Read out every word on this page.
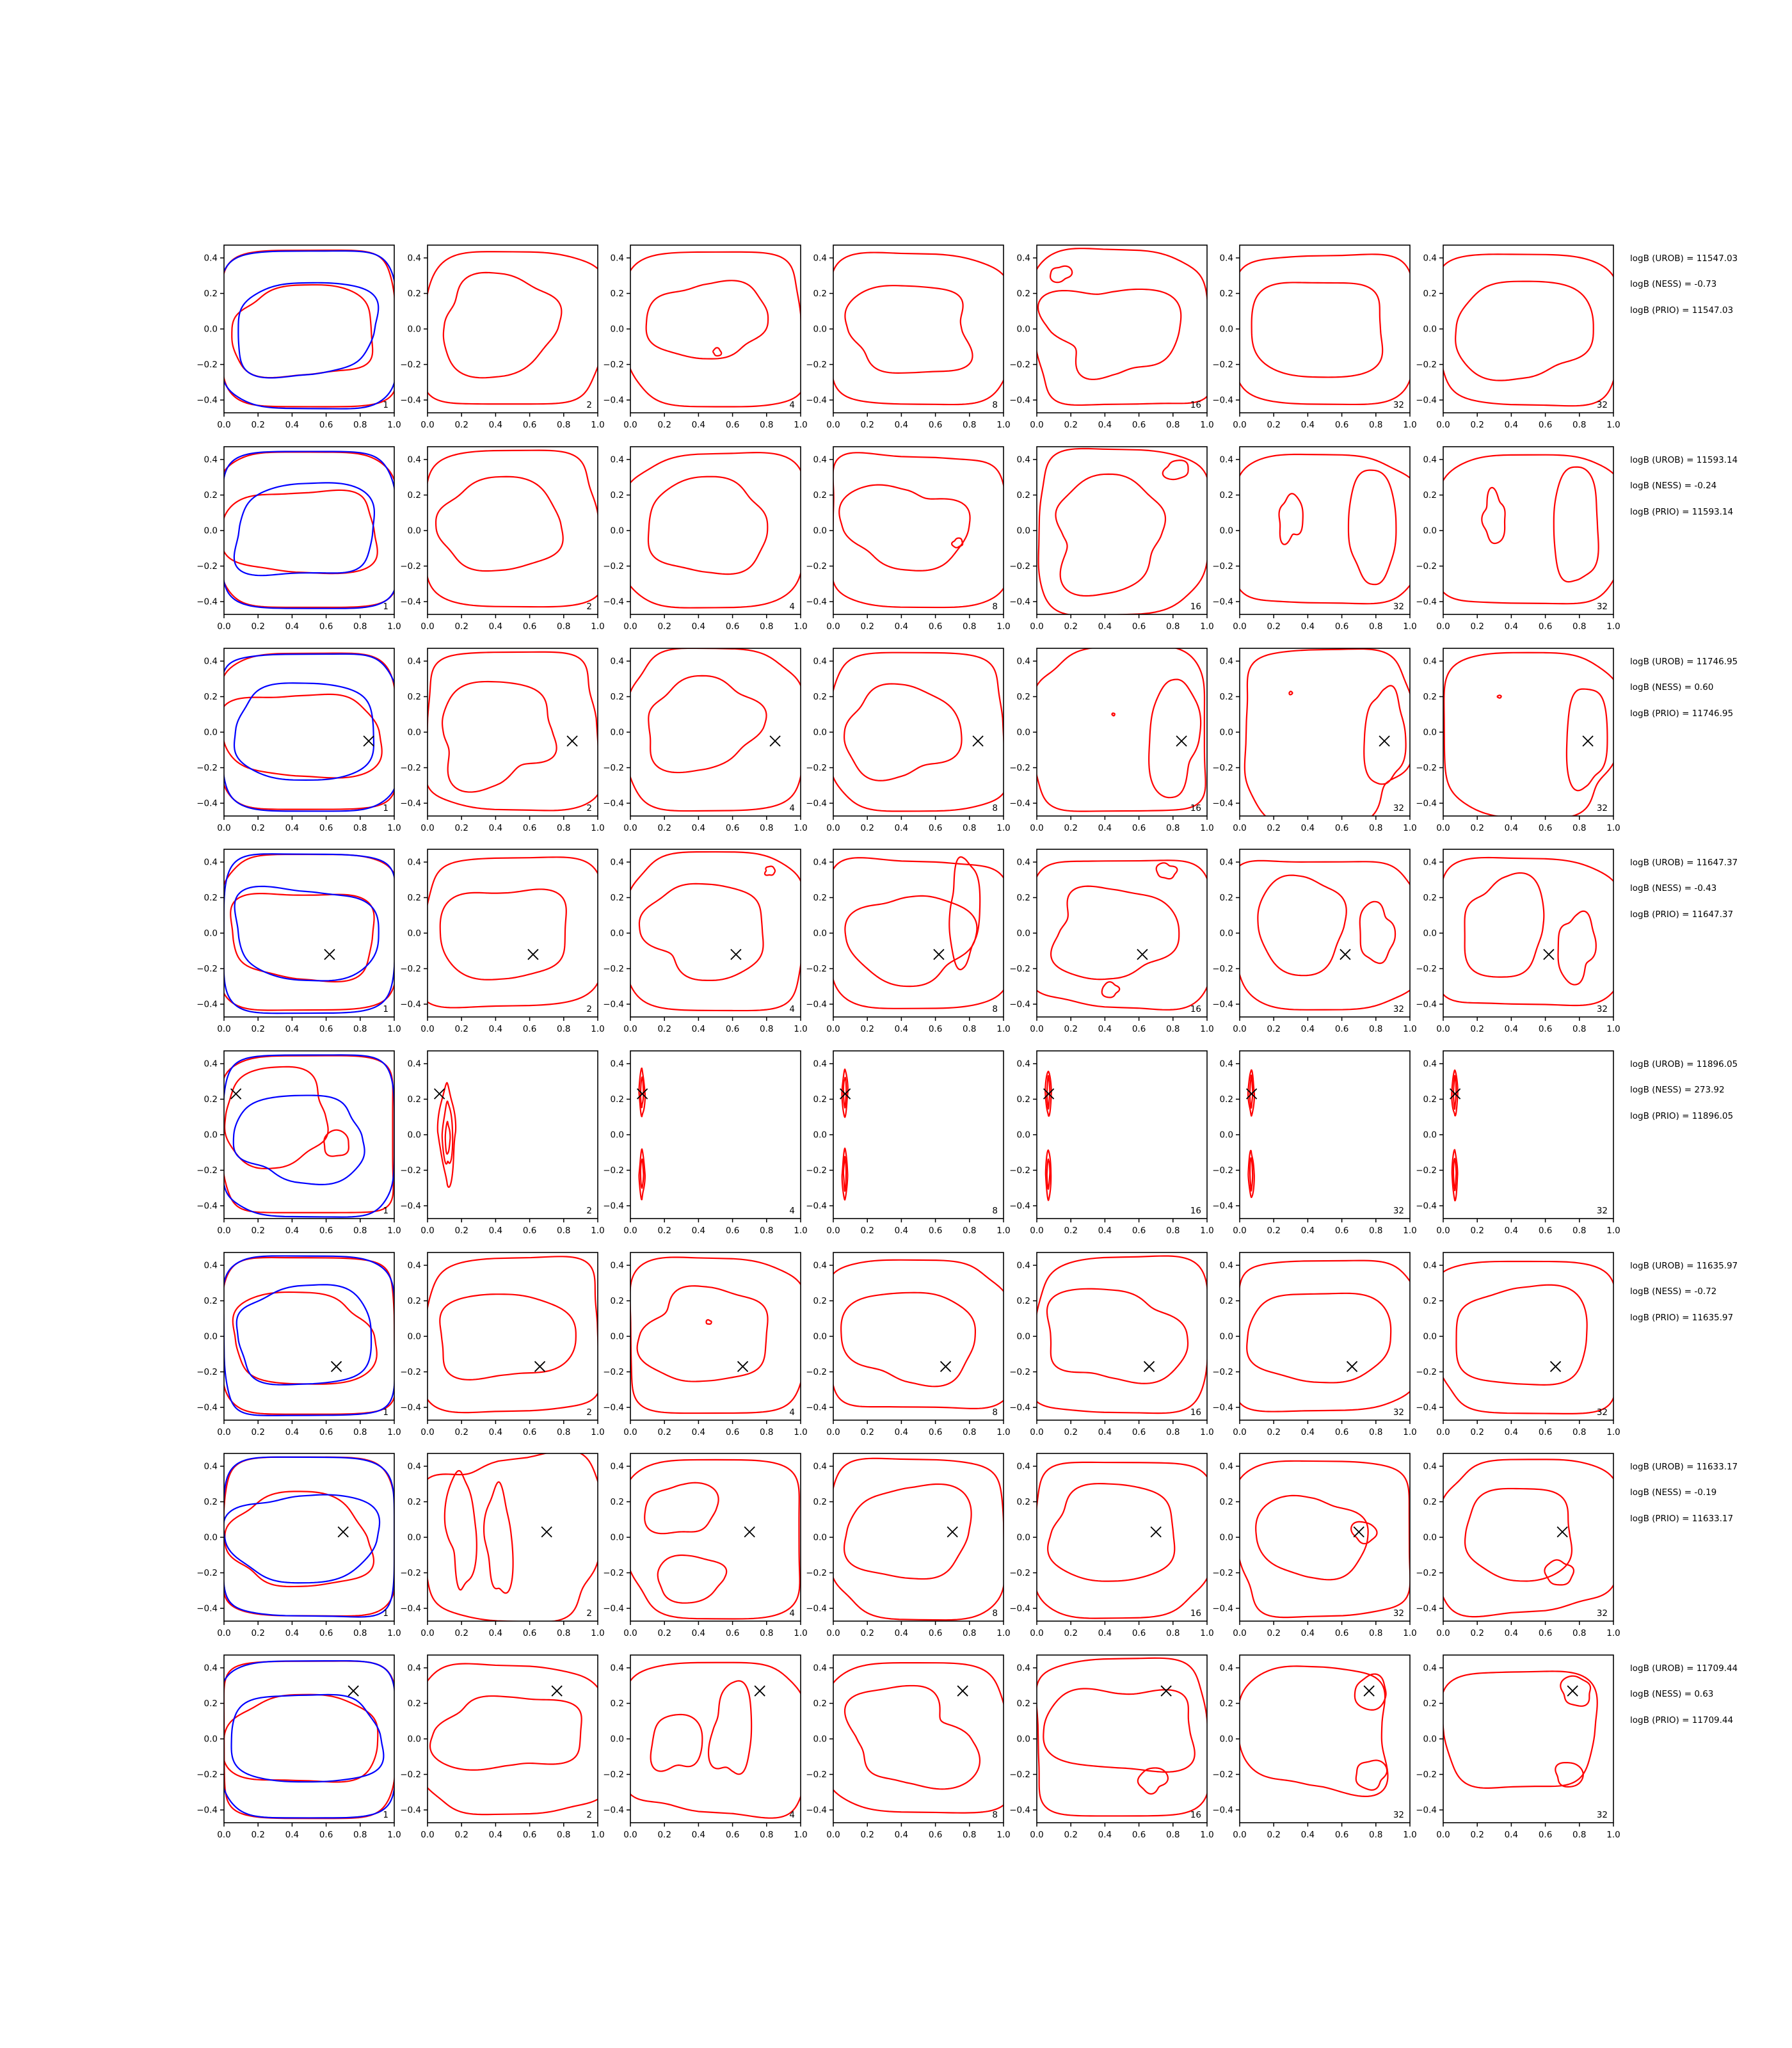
0.4
0.2
0.0
−0.2
−0.4
0.0 0.2 0.4 0.6 0.8 1.0
1
0.4
0.2
0.0
−0.2
−0.4
0.0 0.2 0.4 0.6 0.8 1.0
2
0.4
0.2
0.0
−0.2
−0.4
0.0 0.2 0.4 0.6 0.8 1.0
4
0.4
0.2
0.0
−0.2
−0.4
0.0 0.2 0.4 0.6 0.8 1.0
8
0.4
0.2
0.0
−0.2
−0.4
0.0 0.2 0.4 0.6 0.8 1.0
16
0.4
0.2
0.0
−0.2
−0.4
0.0 0.2 0.4 0.6 0.8 1.0
32
0.4
0.2
0.0
−0.2
−0.4
0.0 0.2 0.4 0.6 0.8 1.0
32
logB (UROB) = 11547.03
logB (NESS) = -0.73
logB (PRIO) = 11547.03
0.4
0.2
0.0
−0.2
−0.4
0.0 0.2 0.4 0.6 0.8 1.0
1
0.4
0.2
0.0
−0.2
−0.4
0.0 0.2 0.4 0.6 0.8 1.0
2
0.4
0.2
0.0
−0.2
−0.4
0.0 0.2 0.4 0.6 0.8 1.0
4
0.4
0.2
0.0
−0.2
−0.4
0.0 0.2 0.4 0.6 0.8 1.0
8
0.4
0.2
0.0
−0.2
−0.4
0.0 0.2 0.4 0.6 0.8 1.0
16
0.4
0.2
0.0
−0.2
−0.4
0.0 0.2 0.4 0.6 0.8 1.0
32
0.4
0.2
0.0
−0.2
−0.4
0.0 0.2 0.4 0.6 0.8 1.0
32
logB (UROB) = 11593.14
logB (NESS) = -0.24
logB (PRIO) = 11593.14
0.4
0.2
0.0
−0.2
−0.4
0.0 0.2 0.4 0.6 0.8 1.0
1
0.4
0.2
0.0
−0.2
−0.4
0.0 0.2 0.4 0.6 0.8 1.0
2
0.4
0.2
0.0
−0.2
−0.4
0.0 0.2 0.4 0.6 0.8 1.0
4
0.4
0.2
0.0
−0.2
−0.4
0.0 0.2 0.4 0.6 0.8 1.0
8
0.4
0.2
0.0
−0.2
−0.4
0.0 0.2 0.4 0.6 0.8 1.0
16
0.4
0.2
0.0
−0.2
−0.4
0.0 0.2 0.4 0.6 0.8 1.0
32
0.4
0.2
0.0
−0.2
−0.4
0.0 0.2 0.4 0.6 0.8 1.0
32
logB (UROB) = 11746.95
logB (NESS) = 0.60
logB (PRIO) = 11746.95
0.4
0.2
0.0
−0.2
−0.4
0.0 0.2 0.4 0.6 0.8 1.0
1
0.4
0.2
0.0
−0.2
−0.4
0.0 0.2 0.4 0.6 0.8 1.0
2
0.4
0.2
0.0
−0.2
−0.4
0.0 0.2 0.4 0.6 0.8 1.0
4
0.4
0.2
0.0
−0.2
−0.4
0.0 0.2 0.4 0.6 0.8 1.0
8
0.4
0.2
0.0
−0.2
−0.4
0.0 0.2 0.4 0.6 0.8 1.0
16
0.4
0.2
0.0
−0.2
−0.4
0.0 0.2 0.4 0.6 0.8 1.0
32
0.4
0.2
0.0
−0.2
−0.4
0.0 0.2 0.4 0.6 0.8 1.0
32
logB (UROB) = 11647.37
logB (NESS) = -0.43
logB (PRIO) = 11647.37
0.4
0.2
0.0
−0.2
−0.4
0.0 0.2 0.4 0.6 0.8 1.0
1
0.4
0.2
0.0
−0.2
−0.4
0.0 0.2 0.4 0.6 0.8 1.0
2
0.4
0.2
0.0
−0.2
−0.4
0.0 0.2 0.4 0.6 0.8 1.0
4
0.4
0.2
0.0
−0.2
−0.4
0.0 0.2 0.4 0.6 0.8 1.0
8
0.4
0.2
0.0
−0.2
−0.4
0.0 0.2 0.4 0.6 0.8 1.0
16
0.4
0.2
0.0
−0.2
−0.4
0.0 0.2 0.4 0.6 0.8 1.0
32
0.4
0.2
0.0
−0.2
−0.4
0.0 0.2 0.4 0.6 0.8 1.0
32
logB (UROB) = 11896.05
logB (NESS) = 273.92
logB (PRIO) = 11896.05
0.4
0.2
0.0
−0.2
−0.4
0.0 0.2 0.4 0.6 0.8 1.0
1
0.4
0.2
0.0
−0.2
−0.4
0.0 0.2 0.4 0.6 0.8 1.0
2
0.4
0.2
0.0
−0.2
−0.4
0.0 0.2 0.4 0.6 0.8 1.0
4
0.4
0.2
0.0
−0.2
−0.4
0.0 0.2 0.4 0.6 0.8 1.0
8
0.4
0.2
0.0
−0.2
−0.4
0.0 0.2 0.4 0.6 0.8 1.0
16
0.4
0.2
0.0
−0.2
−0.4
0.0 0.2 0.4 0.6 0.8 1.0
32
0.4
0.2
0.0
−0.2
−0.4
0.0 0.2 0.4 0.6 0.8 1.0
32
logB (UROB) = 11635.97
logB (NESS) = -0.72
logB (PRIO) = 11635.97
0.4
0.2
0.0
−0.2
−0.4
0.0 0.2 0.4 0.6 0.8 1.0
1
0.4
0.2
0.0
−0.2
−0.4
0.0 0.2 0.4 0.6 0.8 1.0
2
0.4
0.2
0.0
−0.2
−0.4
0.0 0.2 0.4 0.6 0.8 1.0
4
0.4
0.2
0.0
−0.2
−0.4
0.0 0.2 0.4 0.6 0.8 1.0
8
0.4
0.2
0.0
−0.2
−0.4
0.0 0.2 0.4 0.6 0.8 1.0
16
0.4
0.2
0.0
−0.2
−0.4
0.0 0.2 0.4 0.6 0.8 1.0
32
0.4
0.2
0.0
−0.2
−0.4
0.0 0.2 0.4 0.6 0.8 1.0
32
logB (UROB) = 11633.17
logB (NESS) = -0.19
logB (PRIO) = 11633.17
0.4
0.2
0.0
−0.2
−0.4
0.0 0.2 0.4 0.6 0.8 1.0
1
0.4
0.2
0.0
−0.2
−0.4
0.0 0.2 0.4 0.6 0.8 1.0
2
0.4
0.2
0.0
−0.2
−0.4
0.0 0.2 0.4 0.6 0.8 1.0
4
0.4
0.2
0.0
−0.2
−0.4
0.0 0.2 0.4 0.6 0.8 1.0
8
0.4
0.2
0.0
−0.2
−0.4
0.0 0.2 0.4 0.6 0.8 1.0
16
0.4
0.2
0.0
−0.2
−0.4
0.0 0.2 0.4 0.6 0.8 1.0
32
0.4
0.2
0.0
−0.2
−0.4
0.0 0.2 0.4 0.6 0.8 1.0
32
logB (UROB) = 11709.44
logB (NESS) = 0.63
logB (PRIO) = 11709.44
